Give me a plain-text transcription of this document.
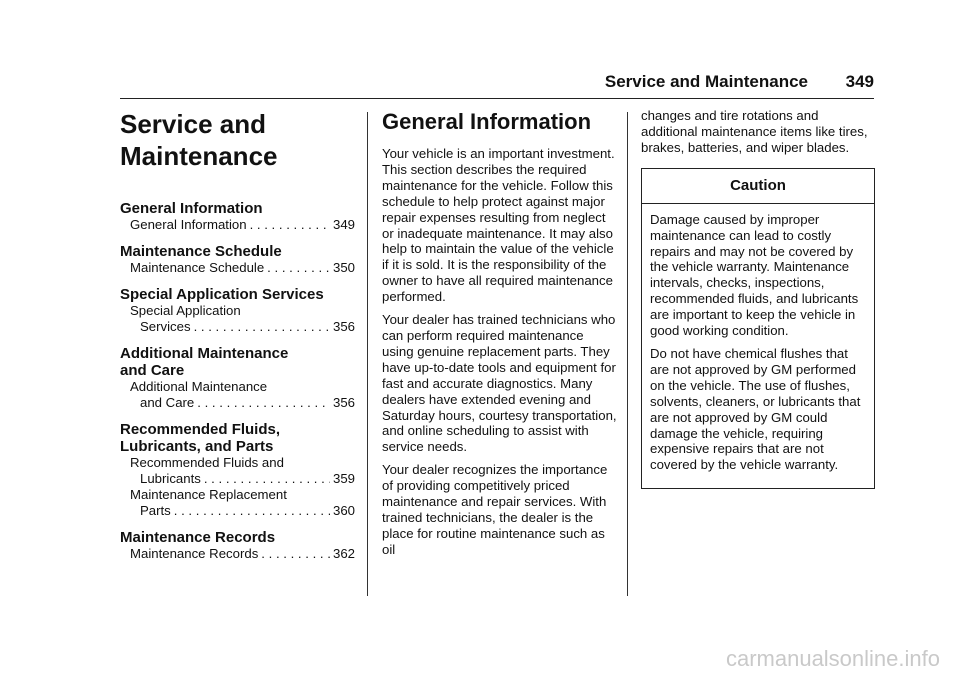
Service and Maintenance 349
Service and
Maintenance
General Information
General Information . . .	349
Maintenance Schedule
Maintenance Schedule . . .	350
Special Application Services
Special Application
Services . . .	356
Additional Maintenance
and Care
Additional Maintenance
and Care . . .	356
Recommended Fluids,
Lubricants, and Parts
Recommended Fluids and
Lubricants . . .	359
Maintenance Replacement
Parts . . .	360
Maintenance Records
Maintenance Records . . .	362
General Information

Your vehicle is an important investment. This section describes the required maintenance for the vehicle. Follow this schedule to help protect against major repair expenses resulting from neglect or inadequate maintenance. It may also help to maintain the value of the vehicle if it is sold. It is the responsibility of the owner to have all required maintenance performed.

Your dealer has trained technicians who can perform required maintenance using genuine replacement parts. They have up-to-date tools and equipment for fast and accurate diagnostics. Many dealers have extended evening and Saturday hours, courtesy transportation, and online scheduling to assist with service needs.

Your dealer recognizes the importance of providing competitively priced maintenance and repair services. With trained technicians, the dealer is the place for routine maintenance such as oil

changes and tire rotations and additional maintenance items like tires, brakes, batteries, and wiper blades.

Caution

Damage caused by improper maintenance can lead to costly repairs and may not be covered by the vehicle warranty. Maintenance intervals, checks, inspections, recommended fluids, and lubricants are important to keep the vehicle in good working condition.

Do not have chemical flushes that are not approved by GM performed on the vehicle. The use of flushes, solvents, cleaners, or lubricants that are not approved by GM could damage the vehicle, requiring expensive repairs that are not covered by the vehicle warranty.

carmanualsonline.info
